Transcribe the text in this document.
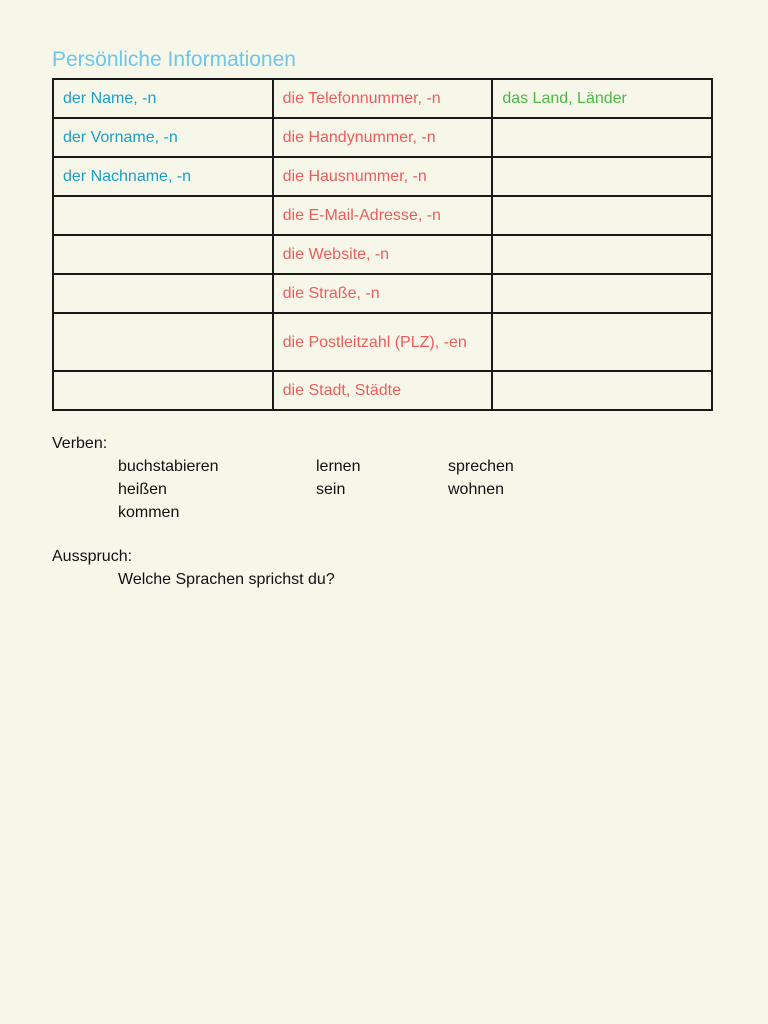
Persönliche Informationen
der Name, -n	die Telefonnummer, -n	das Land, Länder
der Vorname, -n	die Handynummer, -n	
der Nachname, -n	die Hausnummer, -n	
	die E-Mail-Adresse, -n	
	die Website, -n	
	die Straße, -n	
	die Postleitzahl (PLZ), -en	
	die Stadt, Städte	
Verben:
buchstabieren	lernen	sprechen
heißen	sein	wohnen
kommen
Ausspruch:
Welche Sprachen sprichst du?
